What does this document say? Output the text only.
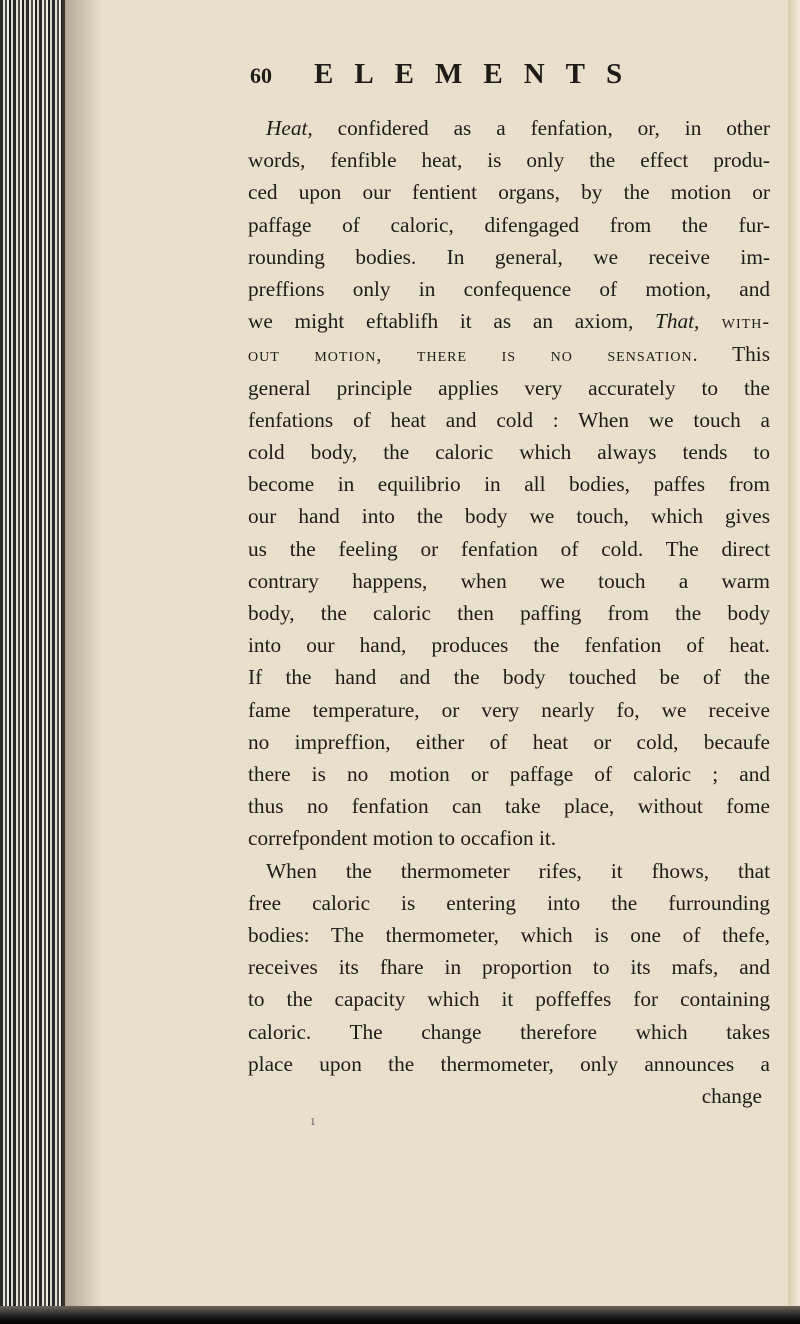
60	ELEMENTS
Heat, confidered as a fenfation, or, in other
words, fenfible heat, is only the effect produ-
ced upon our fentient organs, by the motion or
paffage of caloric, difengaged from the fur-
rounding bodies. In general, we receive im-
preffions only in confequence of motion, and
we might eftablifh it as an axiom, That, with-
out motion, there is no sensation. This
general principle applies very accurately to the
fenfations of heat and cold : When we touch a
cold body, the caloric which always tends to
become in equilibrio in all bodies, paffes from
our hand into the body we touch, which gives
us the feeling or fenfation of cold. The direct
contrary happens, when we touch a warm
body, the caloric then paffing from the body
into our hand, produces the fenfation of heat.
If the hand and the body touched be of the
fame temperature, or very nearly fo, we receive
no impreffion, either of heat or cold, becaufe
there is no motion or paffage of caloric ; and
thus no fenfation can take place, without fome
correfpondent motion to occafion it.
When the thermometer rifes, it fhows, that
free caloric is entering into the furrounding
bodies: The thermometer, which is one of thefe,
receives its fhare in proportion to its mafs, and
to the capacity which it poffeffes for containing
caloric. The change therefore which takes
place upon the thermometer, only announces a
change
1
